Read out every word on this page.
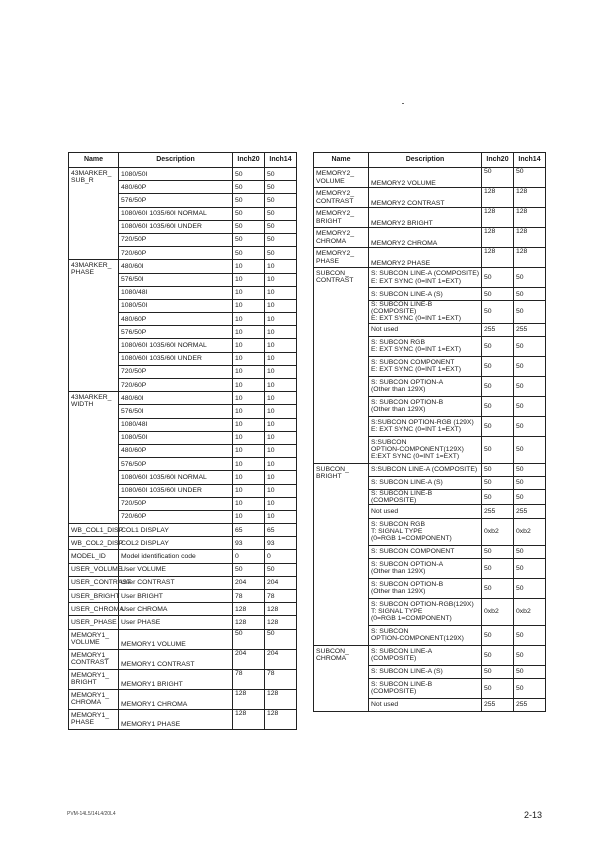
Name	Description	Inch20	Inch14
43MARKER_
SUB_R	1080/50I	50	50
	480/60P	50	50
	576/50P	50	50
	1080/60I 1035/60I NORMAL	50	50
	1080/60I 1035/60I UNDER	50	50
	720/50P	50	50
	720/60P	50	50
43MARKER_
PHASE	480/60I	10	10
	576/50I	10	10
	1080/48I	10	10
	1080/50I	10	10
	480/60P	10	10
	576/50P	10	10
	1080/60I 1035/60I NORMAL	10	10
	1080/60I 1035/60I UNDER	10	10
	720/50P	10	10
	720/60P	10	10
43MARKER_
WIDTH	480/60I	10	10
	576/50I	10	10
	1080/48I	10	10
	1080/50I	10	10
	480/60P	10	10
	576/50P	10	10
	1080/60I 1035/60I NORMAL	10	10
	1080/60I 1035/60I UNDER	10	10
	720/50P	10	10
	720/60P	10	10
WB_COL1_DISP	COL1 DISPLAY	65	65
WB_COL2_DISP	COL2 DISPLAY	93	93
MODEL_ID	Model identification code	0	0
USER_VOLUME	User VOLUME	50	50
USER_CONTRAST	User CONTRAST	204	204
USER_BRIGHT	User BRIGHT	78	78
USER_CHROMA	User CHROMA	128	128
USER_PHASE	User PHASE	128	128
MEMORY1_
VOLUME	MEMORY1 VOLUME	50	50
MEMORY1_
CONTRAST	MEMORY1 CONTRAST	204	204
MEMORY1_
BRIGHT	MEMORY1 BRIGHT	78	78
MEMORY1_
CHROMA	MEMORY1 CHROMA	128	128
MEMORY1_
PHASE	MEMORY1 PHASE	128	128
Name	Description	Inch20	Inch14
MEMORY2_
VOLUME	MEMORY2 VOLUME	50	50
MEMORY2_
CONTRAST	MEMORY2 CONTRAST	128	128
MEMORY2_
BRIGHT	MEMORY2 BRIGHT	128	128
MEMORY2_
CHROMA	MEMORY2 CHROMA	128	128
MEMORY2_
PHASE	MEMORY2 PHASE	128	128
SUBCON_
CONTRAST	S: SUBCON LINE-A (COMPOSITE)
E: EXT SYNC (0=INT 1=EXT)	50	50
	S: SUBCON LINE-A (S)	50	50
	S: SUBCON LINE-B (COMPOSITE)
E: EXT SYNC (0=INT 1=EXT)	50	50
	Not used	255	255
	S: SUBCON RGB
E: EXT SYNC (0=INT 1=EXT)	50	50
	S: SUBCON COMPONENT
E: EXT SYNC (0=INT 1=EXT)	50	50
	S: SUBCON OPTION-A
(Other than 129X)	50	50
	S: SUBCON OPTION-B
(Other than 129X)	50	50
	S:SUBCON OPTION-RGB (129X)
E: EXT SYNC (0=INT 1=EXT)	50	50
	S:SUBCON
OPTION-COMPONENT(129X)
E:EXT SYNC (0=INT 1=EXT)	50	50
SUBCON_
BRIGHT	S:SUBCON LINE-A (COMPOSITE)	50	50
	S: SUBCON LINE-A (S)	50	50
	S: SUBCON LINE-B (COMPOSITE)	50	50
	Not used	255	255
	S: SUBCON RGB
T: SIGNAL TYPE
(0=RGB 1=COMPONENT)	0xb2	0xb2
	S: SUBCON COMPONENT	50	50
	S: SUBCON OPTION-A
(Other than 129X)	50	50
	S: SUBCON OPTION-B
(Other than 129X)	50	50
	S: SUBCON OPTION-RGB(129X)
T: SIGNAL TYPE
(0=RGB 1=COMPONENT)	0xb2	0xb2
	S: SUBCON
OPTION-COMPONENT(129X)	50	50
SUBCON_
CHROMA	S: SUBCON LINE-A
(COMPOSITE)	50	50
	S: SUBCON LINE-A (S)	50	50
	S: SUBCON LINE-B
(COMPOSITE)	50	50
	Not used	255	255
PVM-14L5/14L4/20L4	2-13
